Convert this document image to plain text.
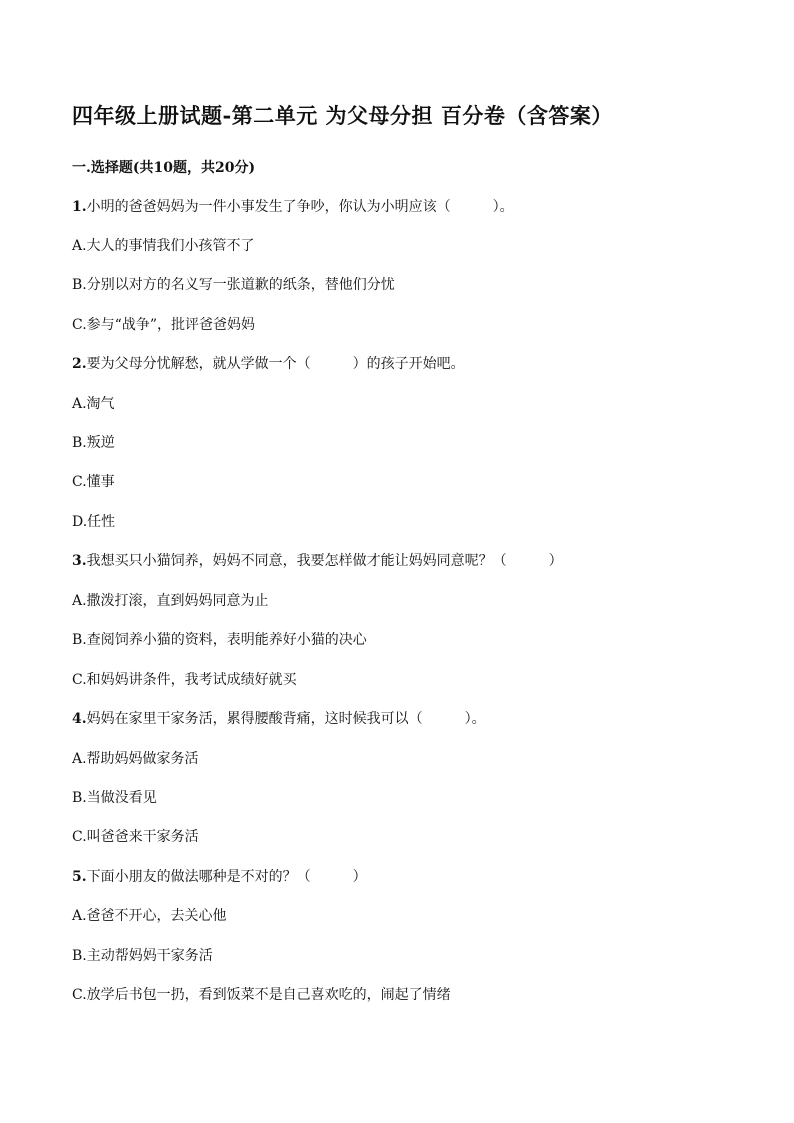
四年级上册试题-第二单元 为父母分担 百分卷（含答案）
一.选择题(共10题，共20分)
1.小明的爸爸妈妈为一件小事发生了争吵，你认为小明应该（　　　）。
A.大人的事情我们小孩管不了
B.分别以对方的名义写一张道歉的纸条，替他们分忧
C.参与“战争”，批评爸爸妈妈
2.要为父母分忧解愁，就从学做一个（　　　）的孩子开始吧。
A.淘气
B.叛逆
C.懂事
D.任性
3.我想买只小猫饲养，妈妈不同意，我要怎样做才能让妈妈同意呢？（　　　）
A.撒泼打滚，直到妈妈同意为止
B.查阅饲养小猫的资料，表明能养好小猫的决心
C.和妈妈讲条件，我考试成绩好就买
4.妈妈在家里干家务活，累得腰酸背痛，这时候我可以（　　　）。
A.帮助妈妈做家务活
B.当做没看见
C.叫爸爸来干家务活
5.下面小朋友的做法哪种是不对的？（　　　）
A.爸爸不开心，去关心他
B.主动帮妈妈干家务活
C.放学后书包一扔，看到饭菜不是自己喜欢吃的，闹起了情绪
